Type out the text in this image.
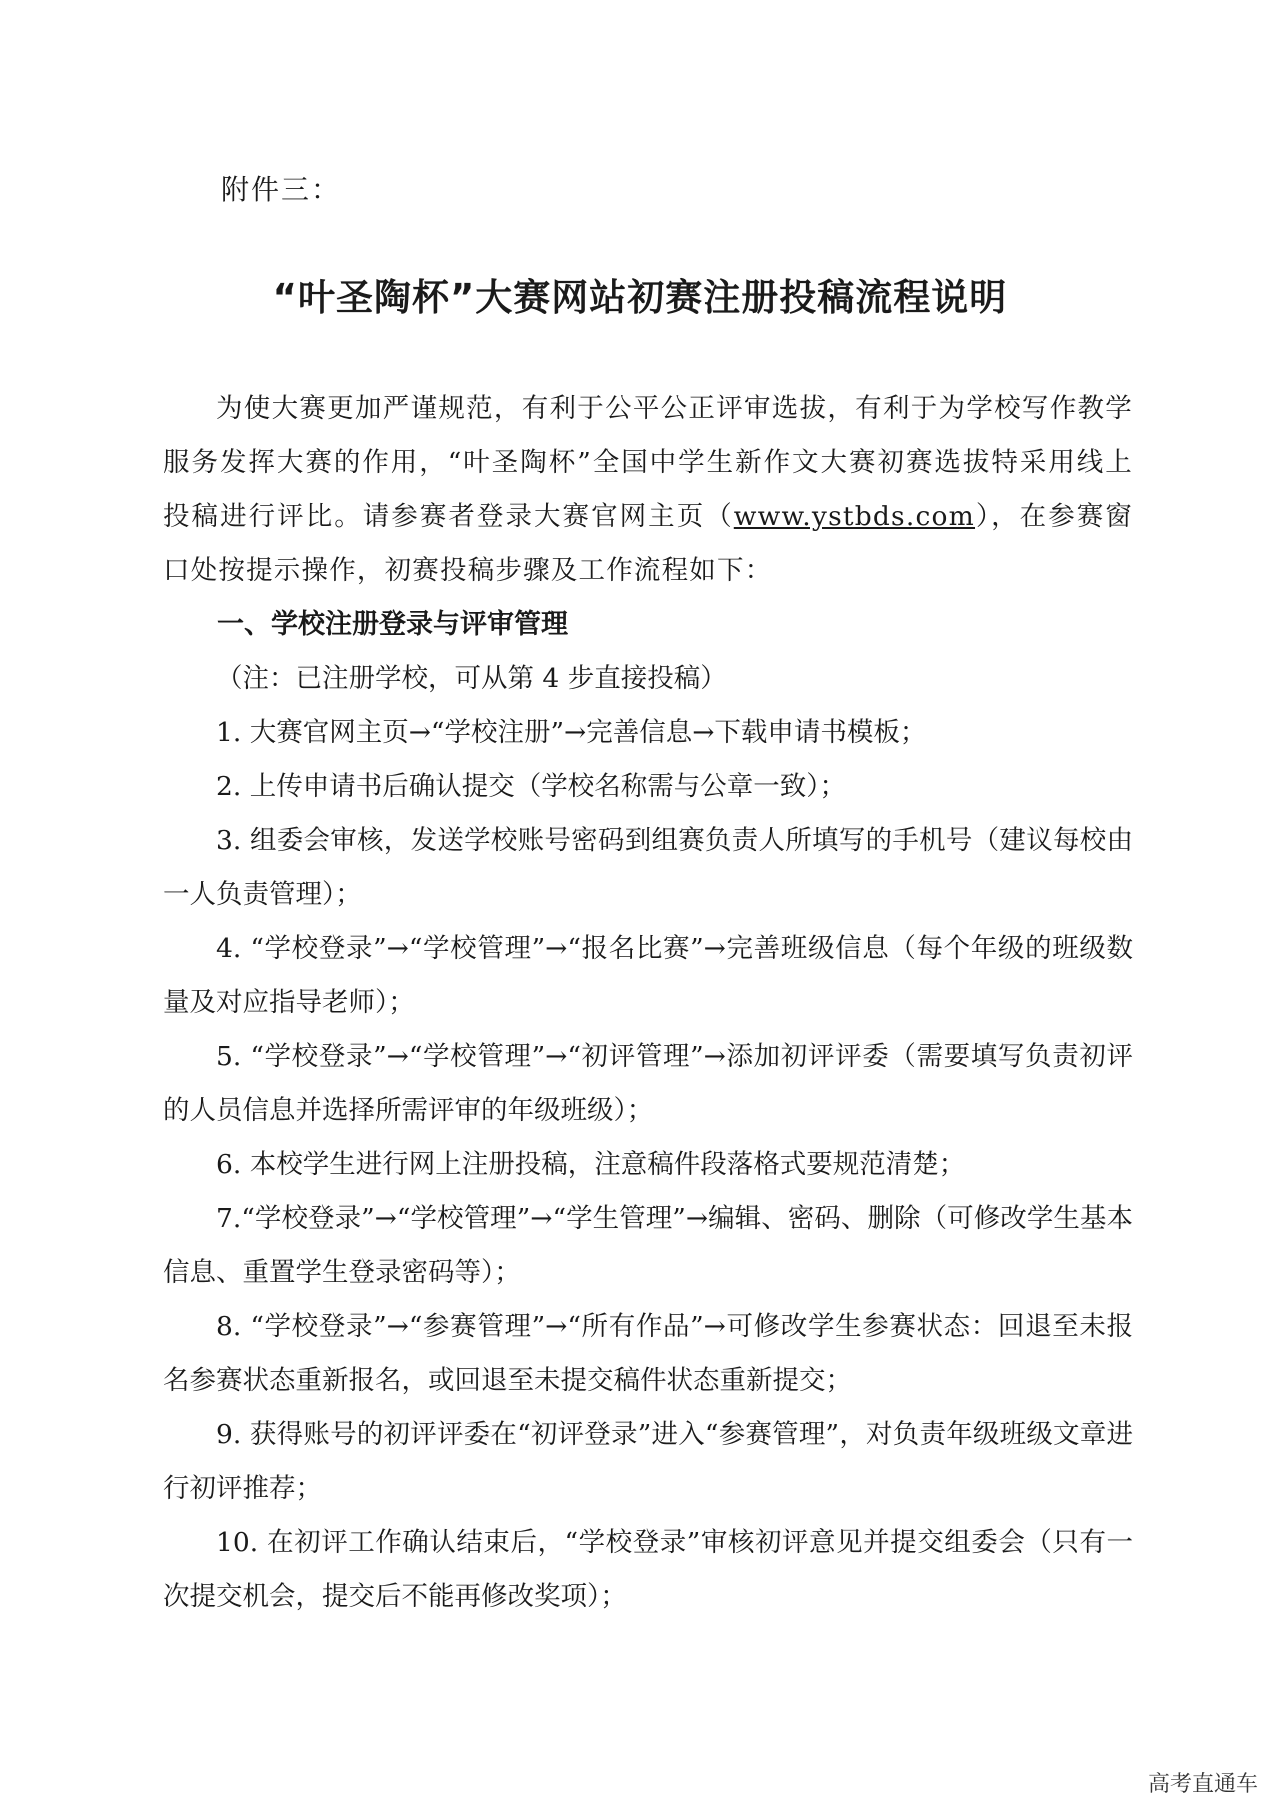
附件三：
“叶圣陶杯”大赛网站初赛注册投稿流程说明

为使大赛更加严谨规范，有利于公平公正评审选拔，有利于为学校写作教学服务发挥大赛的作用，“叶圣陶杯”全国中学生新作文大赛初赛选拔特采用线上投稿进行评比。请参赛者登录大赛官网主页（www.ystbds.com），在参赛窗口处按提示操作，初赛投稿步骤及工作流程如下：

一、学校注册登录与评审管理

（注：已注册学校，可从第 4 步直接投稿）

1. 大赛官网主页→“学校注册”→完善信息→下载申请书模板；

2. 上传申请书后确认提交（学校名称需与公章一致）；

3. 组委会审核，发送学校账号密码到组赛负责人所填写的手机号（建议每校由一人负责管理）；

4. “学校登录”→“学校管理”→“报名比赛”→完善班级信息（每个年级的班级数量及对应指导老师）；

5. “学校登录”→“学校管理”→“初评管理”→添加初评评委（需要填写负责初评的人员信息并选择所需评审的年级班级）；

6. 本校学生进行网上注册投稿，注意稿件段落格式要规范清楚；

7.“学校登录”→“学校管理”→“学生管理”→编辑、密码、删除（可修改学生基本信息、重置学生登录密码等）；

8. “学校登录”→“参赛管理”→“所有作品”→可修改学生参赛状态：回退至未报名参赛状态重新报名，或回退至未提交稿件状态重新提交；

9. 获得账号的初评评委在“初评登录”进入“参赛管理”，对负责年级班级文章进行初评推荐；

10. 在初评工作确认结束后，“学校登录”审核初评意见并提交组委会（只有一次提交机会，提交后不能再修改奖项）；

高考直通车
